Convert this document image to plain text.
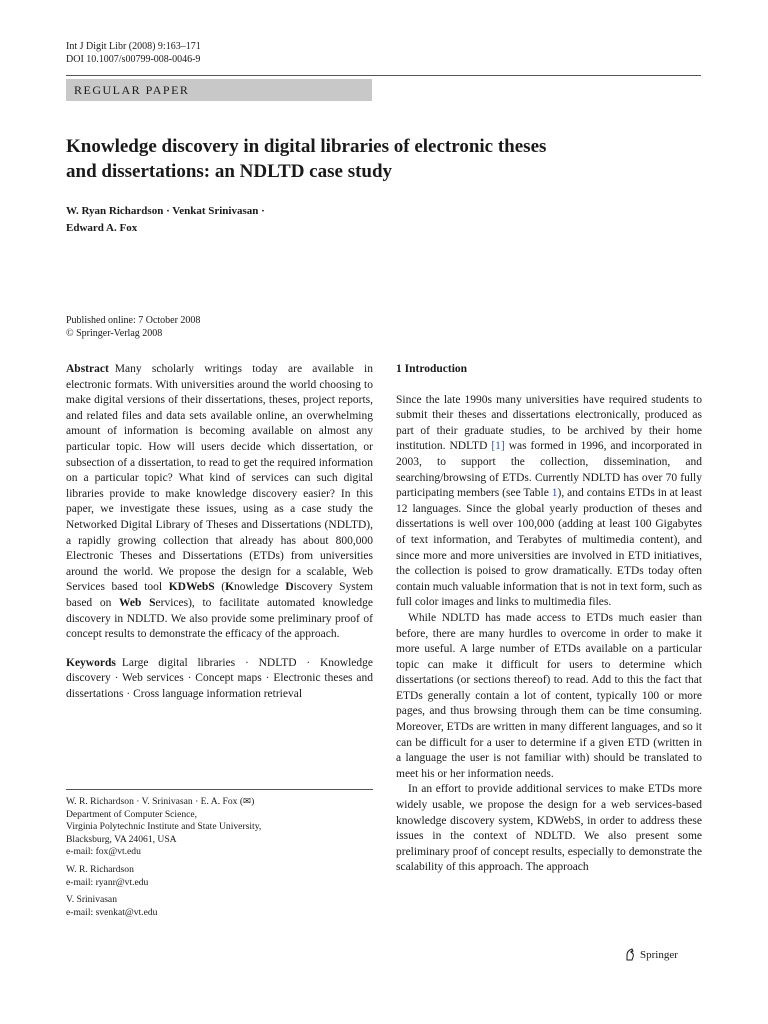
Int J Digit Libr (2008) 9:163–171
DOI 10.1007/s00799-008-0046-9
REGULAR PAPER
Knowledge discovery in digital libraries of electronic theses
and dissertations: an NDLTD case study
W. Ryan Richardson · Venkat Srinivasan ·
Edward A. Fox
Published online: 7 October 2008
© Springer-Verlag 2008

Abstract Many scholarly writings today are available in electronic formats. With universities around the world choosing to make digital versions of their dissertations, theses, project reports, and related files and data sets available online, an overwhelming amount of information is becoming available on almost any particular topic. How will users decide which dissertation, or subsection of a dissertation, to read to get the required information on a particular topic? What kind of services can such digital libraries provide to make knowledge discovery easier? In this paper, we investigate these issues, using as a case study the Networked Digital Library of Theses and Dissertations (NDLTD), a rapidly growing collection that already has about 800,000 Electronic Theses and Dissertations (ETDs) from universities around the world. We propose the design for a scalable, Web Services based tool KDWebS (Knowledge Discovery System based on Web Services), to facilitate automated knowledge discovery in NDLTD. We also provide some preliminary proof of concept results to demonstrate the efficacy of the approach.

Keywords Large digital libraries · NDLTD · Knowledge discovery · Web services · Concept maps · Electronic theses and dissertations · Cross language information retrieval

W. R. Richardson · V. Srinivasan · E. A. Fox (✉)
Department of Computer Science,
Virginia Polytechnic Institute and State University,
Blacksburg, VA 24061, USA
e-mail: fox@vt.edu

W. R. Richardson
e-mail: ryanr@vt.edu

V. Srinivasan
e-mail: svenkat@vt.edu

1 Introduction

Since the late 1990s many universities have required students to submit their theses and dissertations electronically, produced as part of their graduate studies, to be archived by their home institution. NDLTD [1] was formed in 1996, and incorporated in 2003, to support the collection, dissemination, and searching/browsing of ETDs. Currently NDLTD has over 70 fully participating members (see Table 1), and contains ETDs in at least 12 languages. Since the global yearly production of theses and dissertations is well over 100,000 (adding at least 100 Gigabytes of text information, and Terabytes of multimedia content), and since more and more universities are involved in ETD initiatives, the collection is poised to grow dramatically. ETDs today often contain much valuable information that is not in text form, such as full color images and links to multimedia files.

While NDLTD has made access to ETDs much easier than before, there are many hurdles to overcome in order to make it more useful. A large number of ETDs available on a particular topic can make it difficult for users to determine which dissertations (or sections thereof) to read. Add to this the fact that ETDs generally contain a lot of content, typically 100 or more pages, and thus browsing through them can be time consuming. Moreover, ETDs are written in many different languages, and so it can be difficult for a user to determine if a given ETD (written in a language the user is not familiar with) should be translated to meet his or her information needs.

In an effort to provide additional services to make ETDs more widely usable, we propose the design for a web services-based knowledge discovery system, KDWebS, in order to address these issues in the context of NDLTD. We also present some preliminary proof of concept results, especially to demonstrate the scalability of this approach. The approach

Springer
